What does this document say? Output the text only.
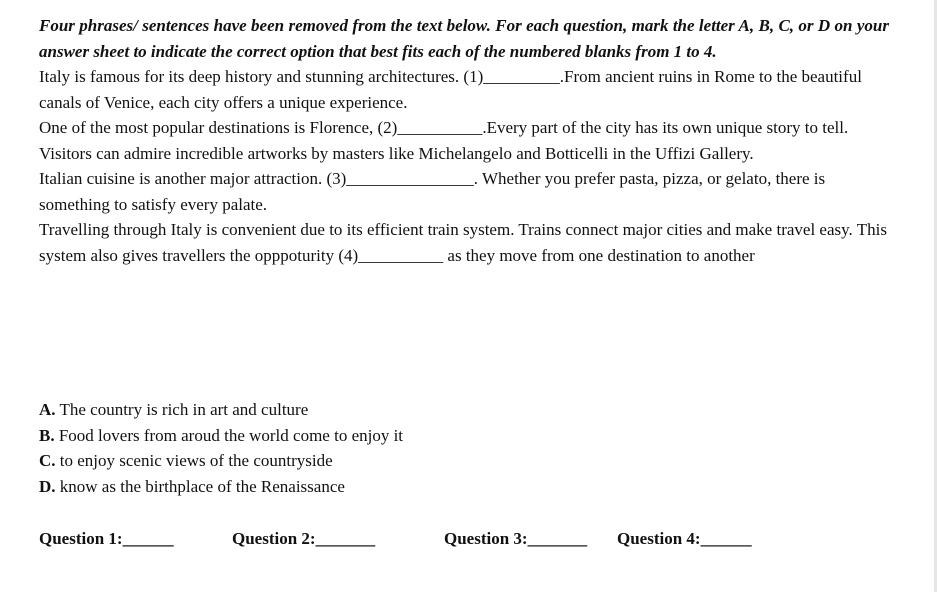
Four phrases/ sentences have been removed from the text below. For each question, mark the letter A, B, C, or D on your answer sheet to indicate the correct option that best fits each of the numbered blanks from 1 to 4.

Italy is famous for its deep history and stunning architectures. (1)_________.From ancient ruins in Rome to the beautiful canals of Venice, each city offers a unique experience.

One of the most popular destinations is Florence, (2)__________.Every part of the city has its own unique story to tell. Visitors can admire incredible artworks by masters like Michelangelo and Botticelli in the Uffizi Gallery.

Italian cuisine is another major attraction. (3)_______________. Whether you prefer pasta, pizza, or gelato, there is something to satisfy every palate.

Travelling through Italy is convenient due to its efficient train system. Trains connect major cities and make travel easy. This system also gives travellers the opppoturity (4)__________ as they move from one destination to another

A. The country is rich in art and culture

B. Food lovers from aroud the world come to enjoy it

C. to enjoy scenic views of the countryside

D. know as the birthplace of the Renaissance

Question 1:______	Question 2:_______	Question 3:_______ Question 4:______
